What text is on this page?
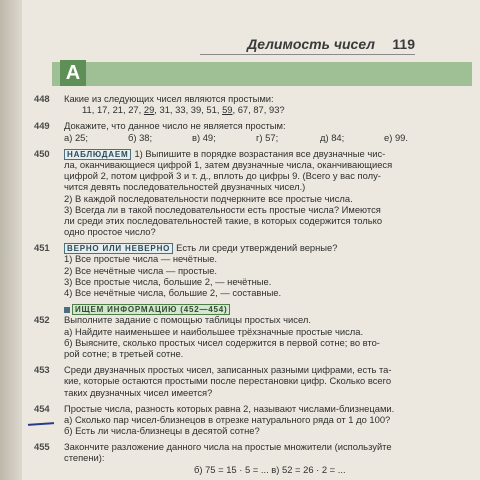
Делимость чисел 119
А
448	Какие из следующих чисел являются простыми:
11, 17, 21, 27, 29, 31, 33, 39, 51, 59, 67, 87, 93?
449	Докажите, что данное число не является простым:
а) 25;	б) 38;	в) 49;	г) 57;	д) 84;	е) 99.
450	НАБЛЮДАЕМ 1) Выпишите в порядке возрастания все двузначные чис-
ла, оканчивающиеся цифрой 1, затем двузначные числа, оканчивающиеся
цифрой 2, потом цифрой 3 и т. д., вплоть до цифры 9. (Всего у вас полу-
чится девять последовательностей двузначных чисел.)
2) В каждой последовательности подчеркните все простые числа.
3) Всегда ли в такой последовательности есть простые числа? Имеются
ли среди этих последовательностей такие, в которых содержится только
одно простое число?
451	ВЕРНО ИЛИ НЕВЕРНО Есть ли среди утверждений верные?
1) Все простые числа — нечётные.
2) Все нечётные числа — простые.
3) Все простые числа, большие 2, — нечётные.
4) Все нечётные числа, большие 2, — составные.
ИЩЕМ ИНФОРМАЦИЮ (452—454)
452	Выполните задание с помощью таблицы простых чисел.
а) Найдите наименьшее и наибольшее трёхзначные простые числа.
б) Выясните, сколько простых чисел содержится в первой сотне; во вто-
рой сотне; в третьей сотне.
453	Среди двузначных простых чисел, записанных разными цифрами, есть та-
кие, которые остаются простыми после перестановки цифр. Сколько всего
таких двузначных чисел имеется?
454	Простые числа, разность которых равна 2, называют числами-близнецами.
а) Сколько пар чисел-близнецов в отрезке натурального ряда от 1 до 100?
б) Есть ли числа-близнецы в десятой сотне?
455	Закончите разложение данного числа на простые множители (используйте
степени):
б) 75 = 15 · 5 = ... в) 52 = 26 · 2 = ...
